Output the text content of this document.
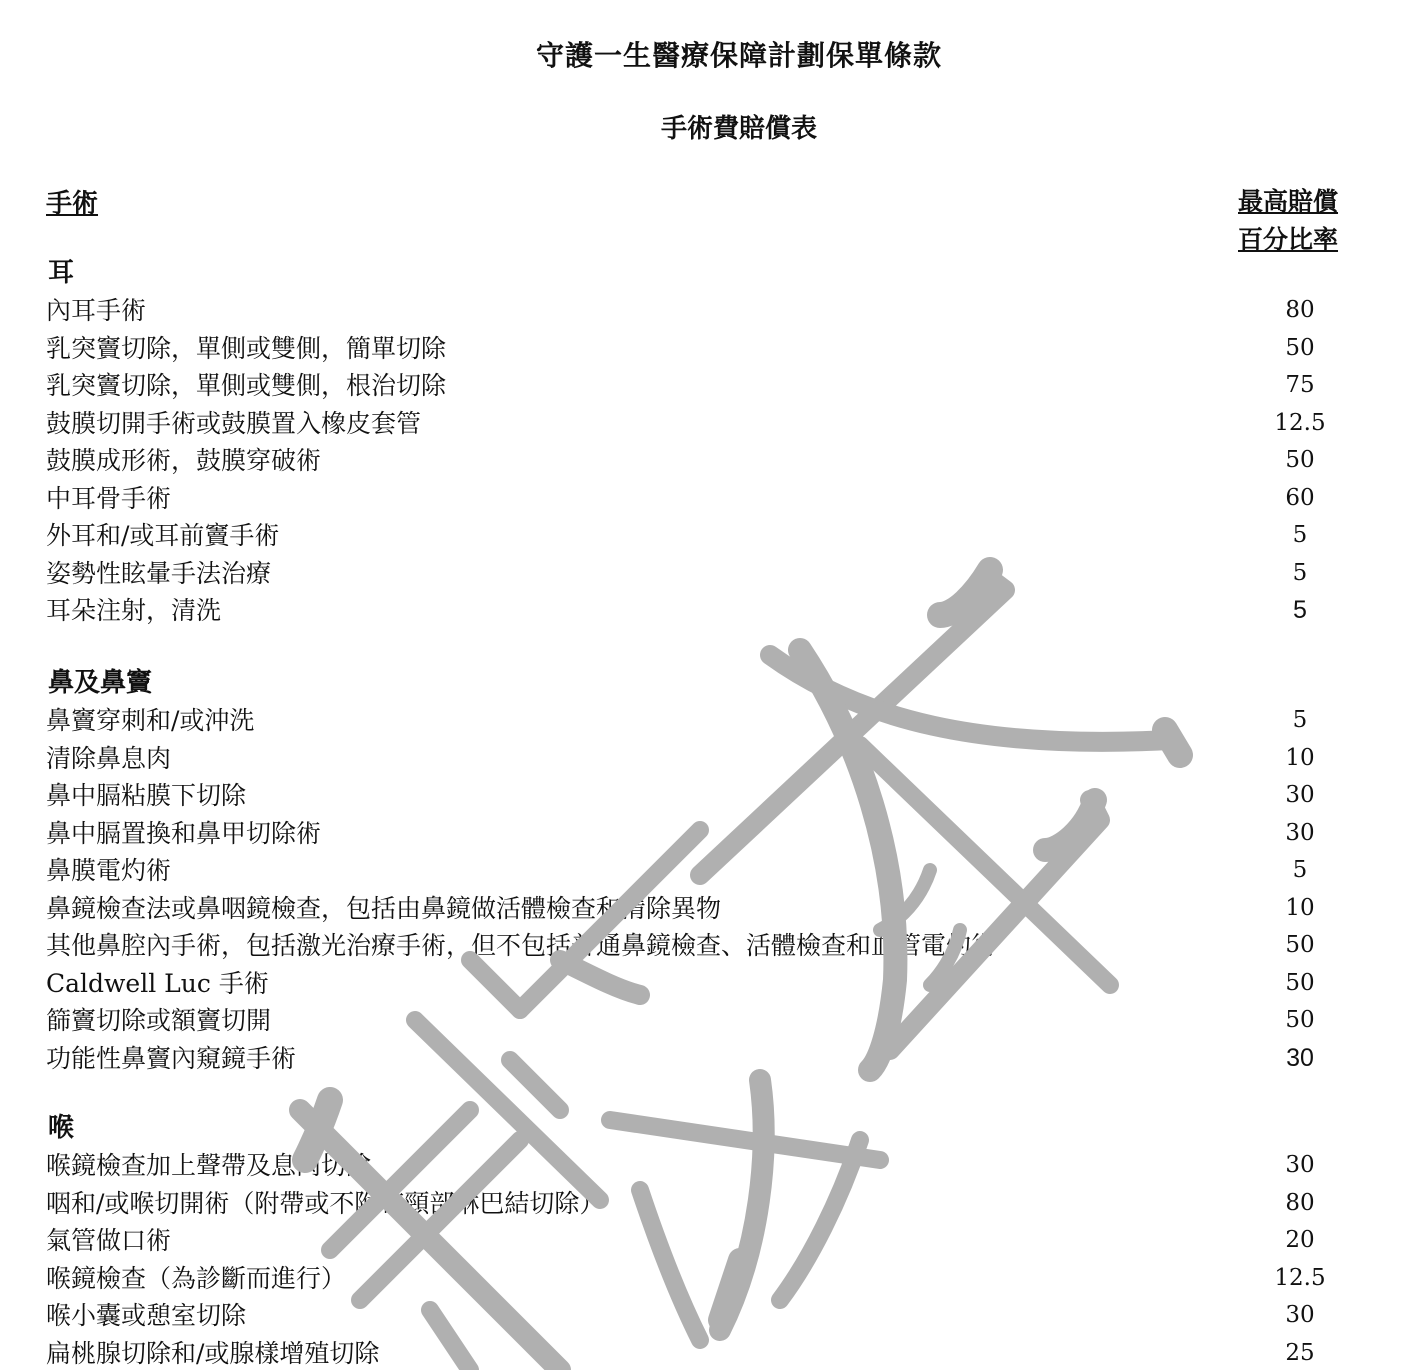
守護一生醫療保障計劃保單條款
手術費賠償表
手術	最高賠償
百分比率
耳
內耳手術	80
乳突竇切除，單側或雙側，簡單切除	50
乳突竇切除，單側或雙側，根治切除	75
鼓膜切開手術或鼓膜置入橡皮套管	12.5
鼓膜成形術，鼓膜穿破術	50
中耳骨手術	60
外耳和/或耳前竇手術	5
姿勢性眩暈手法治療	5
耳朵注射，清洗	5
鼻及鼻竇
鼻竇穿刺和/或沖洗	5
清除鼻息肉	10
鼻中膈粘膜下切除	30
鼻中膈置換和鼻甲切除術	30
鼻膜電灼術	5
鼻鏡檢查法或鼻咽鏡檢查，包括由鼻鏡做活體檢查和清除異物	10
其他鼻腔內手術，包括激光治療手術，但不包括普通鼻鏡檢查、活體檢查和血管電灼術	50
Caldwell Luc 手術	50
篩竇切除或額竇切開	50
功能性鼻竇內窺鏡手術	30
喉
喉鏡檢查加上聲帶及息肉切除	30
咽和/或喉切開術（附帶或不附帶頸部淋巴結切除）	80
氣管做口術	20
喉鏡檢查（為診斷而進行）	12.5
喉小囊或憩室切除	30
扁桃腺切除和/或腺樣增殖切除	25
